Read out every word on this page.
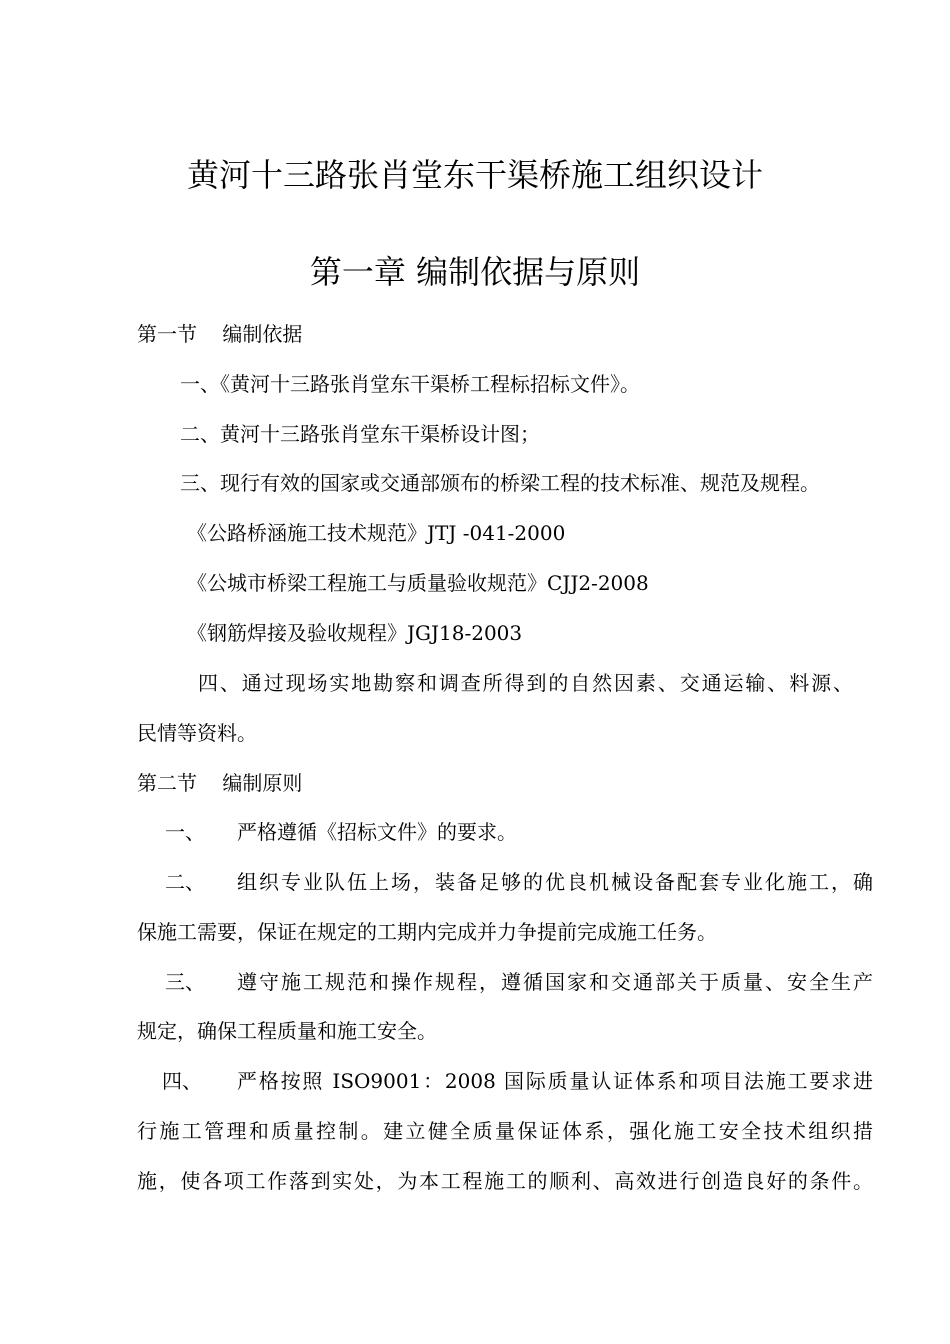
黄河十三路张肖堂东干渠桥施工组织设计
第一章 编制依据与原则
第一节    编制依据
一、《黄河十三路张肖堂东干渠桥工程标招标文件》。
二、黄河十三路张肖堂东干渠桥设计图；
三、现行有效的国家或交通部颁布的桥梁工程的技术标准、规范及规程。
《公路桥涵施工技术规范》JTJ -041-2000
《公城市桥梁工程施工与质量验收规范》CJJ2-2008
《钢筋焊接及验收规程》JGJ18-2003
四、通过现场实地勘察和调查所得到的自然因素、交通运输、料源、
民情等资料。
第二节    编制原则
一、	严格遵循《招标文件》的要求。
二、	组织专业队伍上场，装备足够的优良机械设备配套专业化施工，确
保施工需要，保证在规定的工期内完成并力争提前完成施工任务。
三、	遵守施工规范和操作规程，遵循国家和交通部关于质量、安全生产
规定，确保工程质量和施工安全。
四、	严格按照 ISO9001：2008 国际质量认证体系和项目法施工要求进
行施工管理和质量控制。建立健全质量保证体系，强化施工安全技术组织措
施，使各项工作落到实处，为本工程施工的顺利、高效进行创造良好的条件。
